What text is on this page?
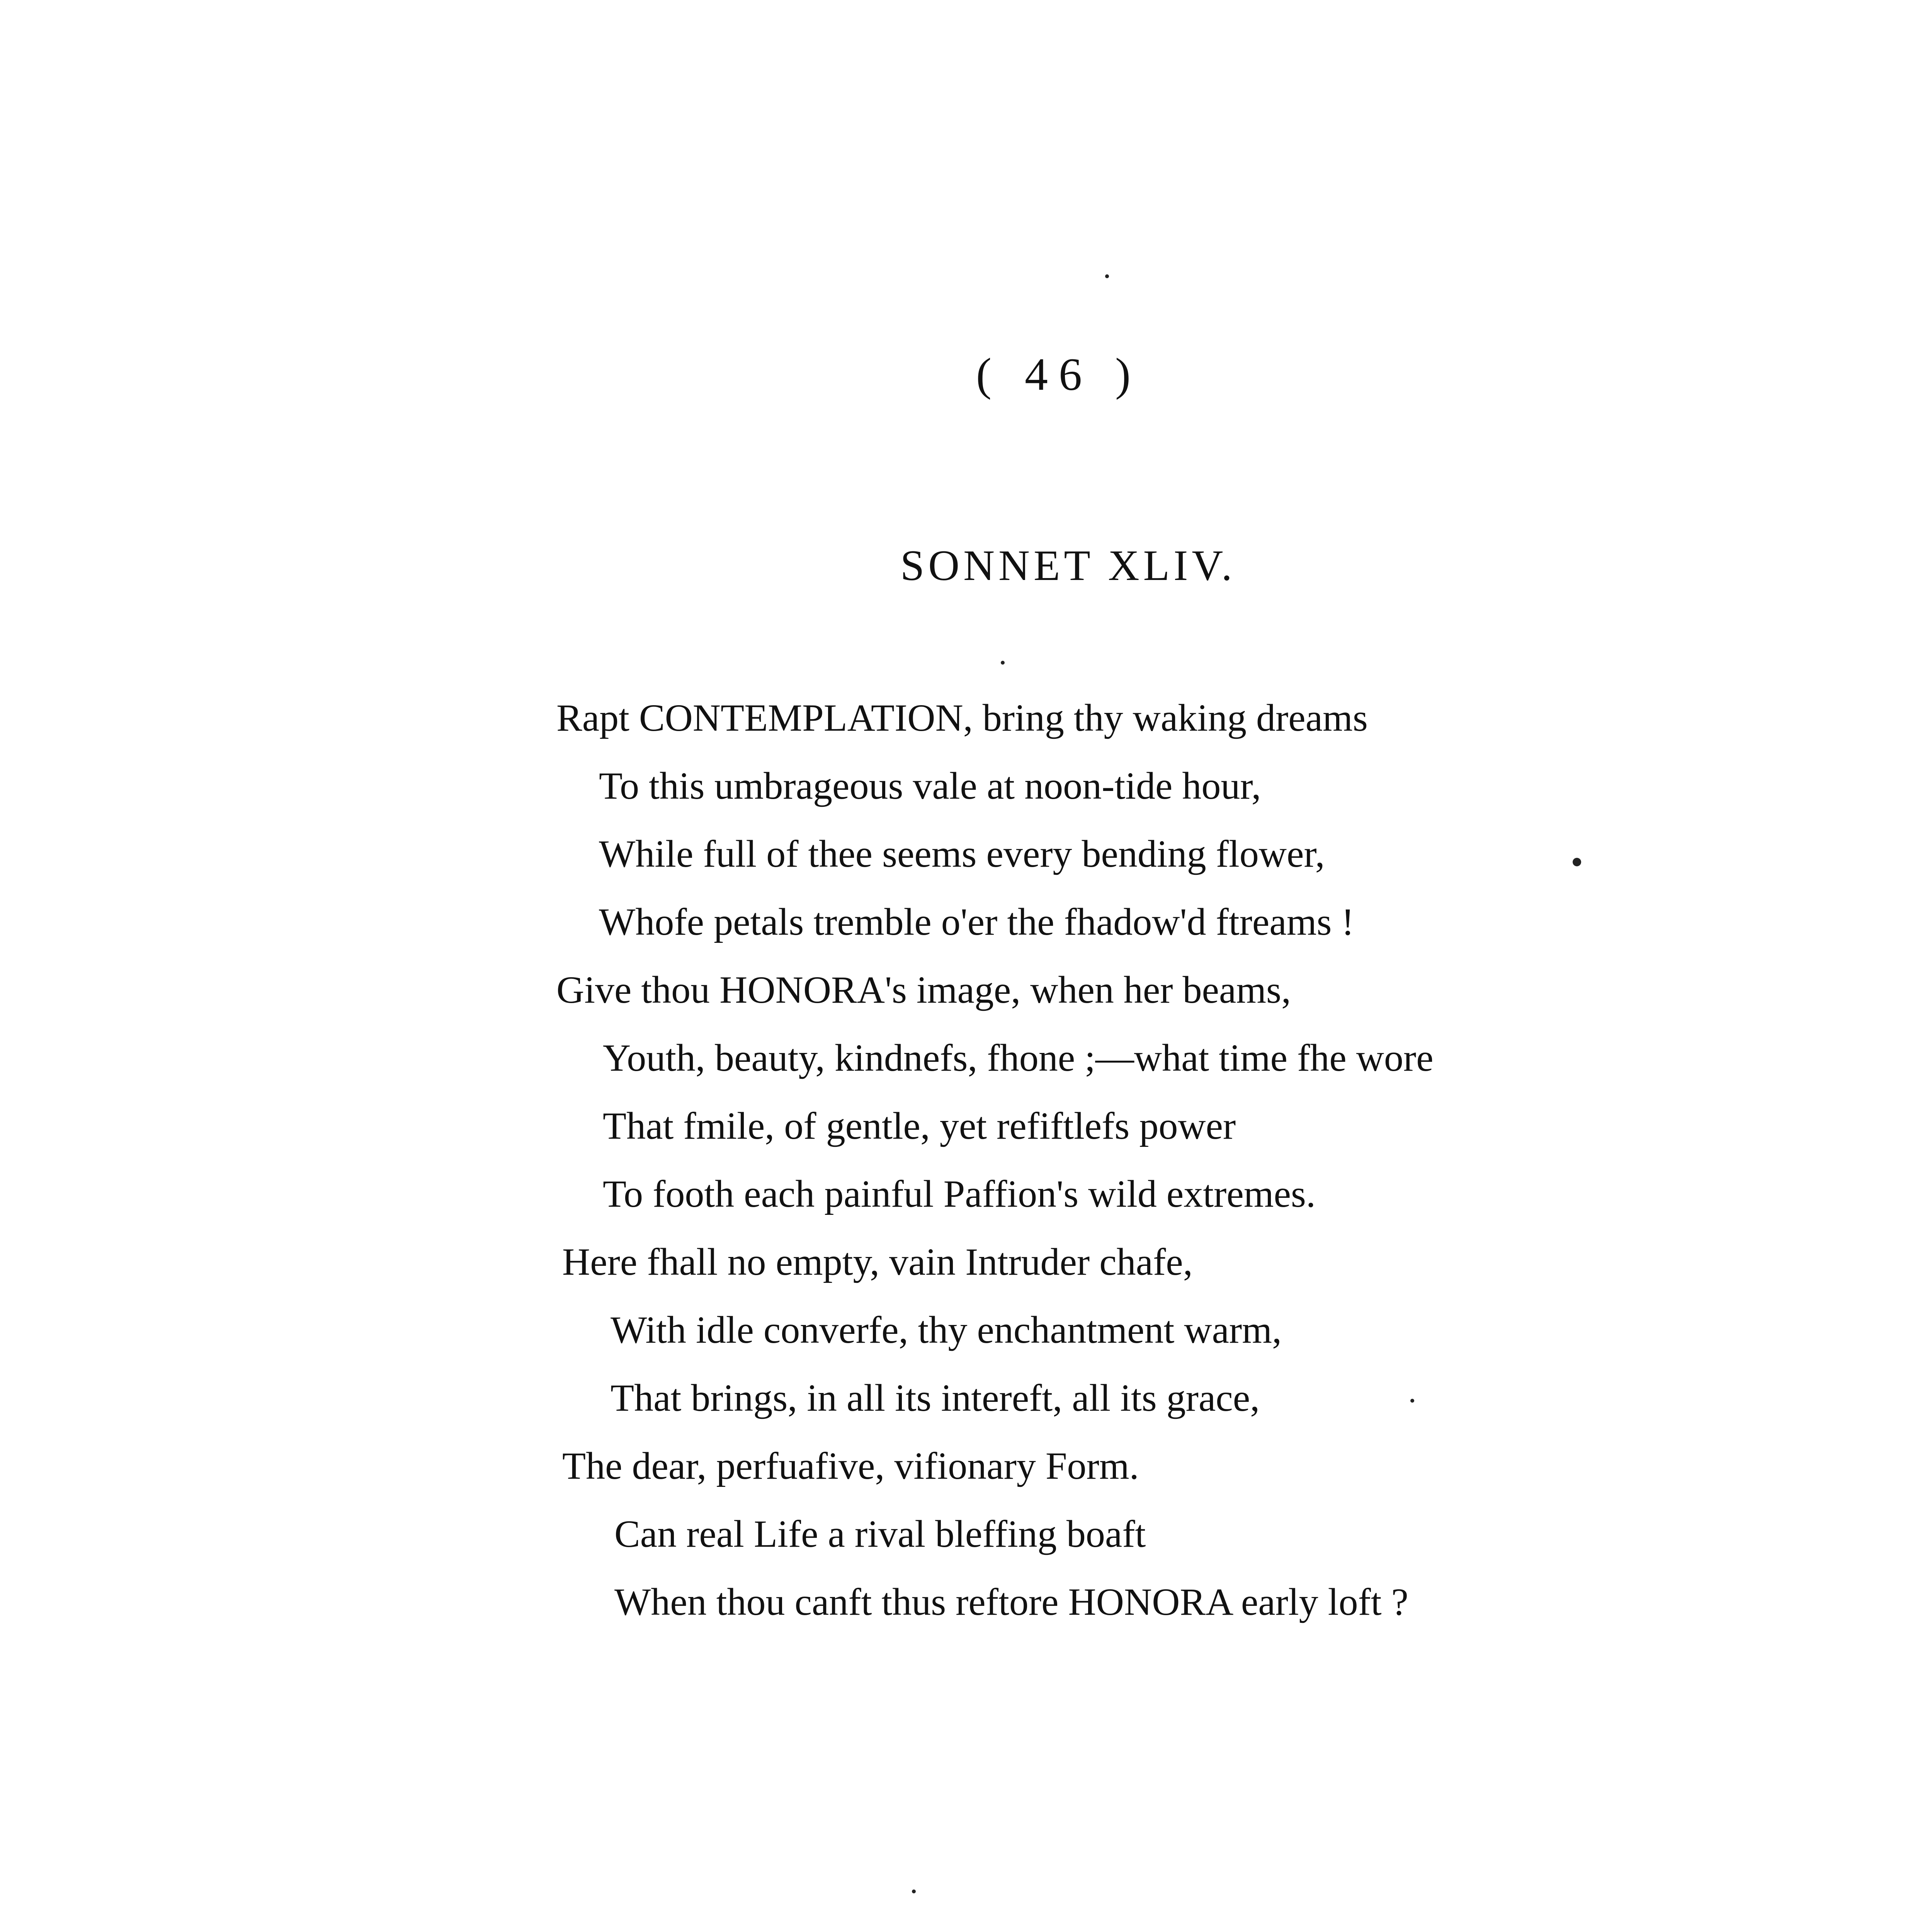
( 46 )
SONNET XLIV.
Rapt CONTEMPLATION, bring thy waking dreams
To this umbrageous vale at noon-tide hour,
While full of thee seems every bending flower,
Whofe petals tremble o'er the fhadow'd ftreams !
Give thou HONORA's image, when her beams,
Youth, beauty, kindnefs, fhone ;—what time fhe wore
That fmile, of gentle, yet refiftlefs power
To footh each painful Paffion's wild extremes.
Here fhall no empty, vain Intruder chafe,
With idle converfe, thy enchantment warm,
That brings, in all its intereft, all its grace,
The dear, perfuafive, vifionary Form.
Can real Life a rival bleffing boaft
When thou canft thus reftore HONORA early loft ?
